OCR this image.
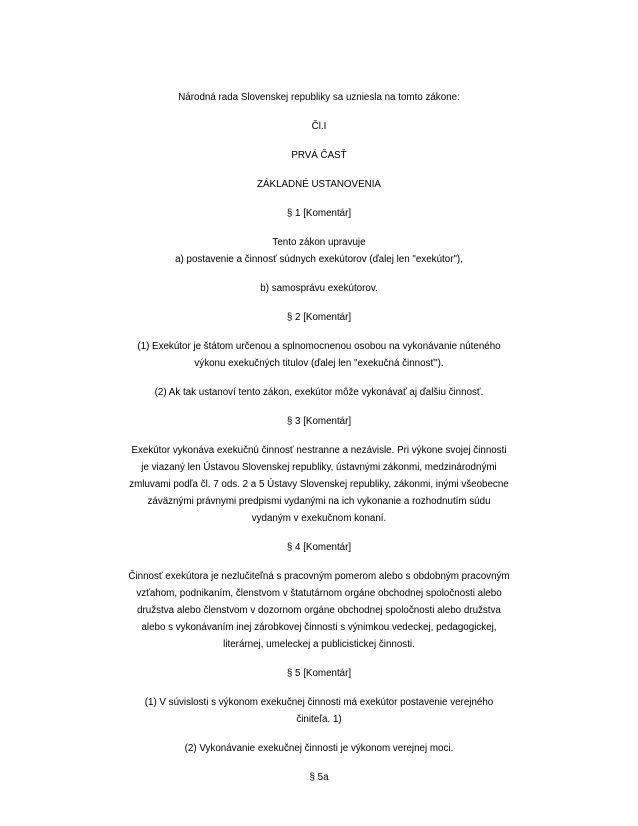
Národná rada Slovenskej republiky sa uzniesla na tomto zákone:
Čl.I
PRVÁ ČASŤ
ZÁKLADNÉ USTANOVENIA
§ 1 [Komentár]
Tento zákon upravuje
a) postavenie a činnosť súdnych exekútorov (ďalej len "exekútor"),
b) samosprávu exekútorov.
§ 2 [Komentár]
(1) Exekútor je štátom určenou a splnomocnenou osobou na vykonávanie núteného
výkonu exekučných titulov (ďalej len "exekučná činnosť").
(2) Ak tak ustanoví tento zákon, exekútor môže vykonávať aj ďalšiu činnosť.
§ 3 [Komentár]
Exekútor vykonáva exekučnú činnosť nestranne a nezávisle. Pri výkone svojej činnosti
je viazaný len Ústavou Slovenskej republiky, ústavnými zákonmi, medzinárodnými
zmluvami podľa čl. 7 ods. 2 a 5 Ústavy Slovenskej republiky, zákonmi, inými všeobecne
záväznými právnymi predpismi vydanými na ich vykonanie a rozhodnutím súdu
vydaným v exekučnom konaní.
§ 4 [Komentár]
Činnosť exekútora je nezlučiteľná s pracovným pomerom alebo s obdobným pracovným
vzťahom, podnikaním, členstvom v štatutárnom orgáne obchodnej spoločnosti alebo
družstva alebo členstvom v dozornom orgáne obchodnej spoločnosti alebo družstva
alebo s vykonávaním inej zárobkovej činnosti s výnimkou vedeckej, pedagogickej,
literárnej, umeleckej a publicistickej činnosti.
§ 5 [Komentár]
(1) V súvislosti s výkonom exekučnej činnosti má exekútor postavenie verejného
činiteľa. 1)
(2) Vykonávanie exekučnej činnosti je výkonom verejnej moci.
§ 5a
